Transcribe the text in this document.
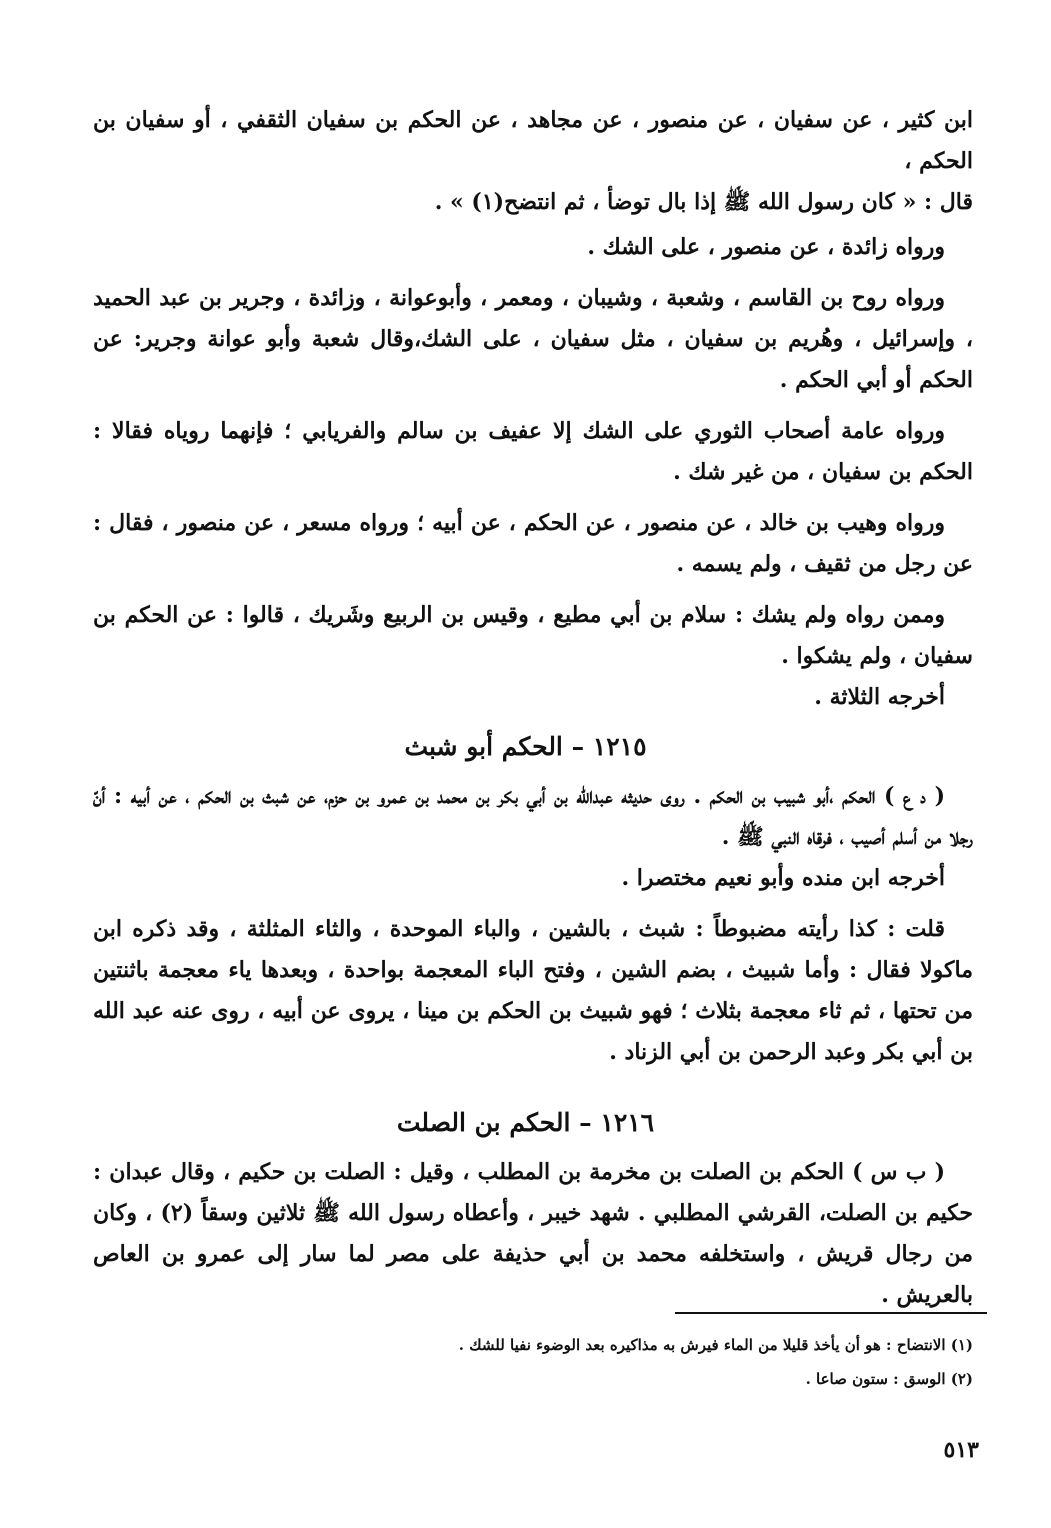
ابن كثير ، عن سفيان ، عن منصور ، عن مجاهد ، عن الحكم بن سفيان الثقفي ، أو سفيان بن الحكم ،

قال : « كان رسول الله ﷺ إذا بال توضأ ، ثم انتضح(١) » .

ورواه زائدة ، عن منصور ، على الشك .

ورواه روح بن القاسم ، وشعبة ، وشيبان ، ومعمر ، وأبوعوانة ، وزائدة ، وجرير بن عبد الحميد ، وإسرائيل ، وهُريم بن سفيان ، مثل سفيان ، على الشك،وقال شعبة وأبو عوانة وجرير: عن الحكم أو أبي الحكم .

ورواه عامة أصحاب الثوري على الشك إلا عفيف بن سالم والفريابي ؛ فإنهما روياه فقالا : الحكم بن سفيان ، من غير شك .

ورواه وهيب بن خالد ، عن منصور ، عن الحكم ، عن أبيه ؛ ورواه مسعر ، عن منصور ، فقال : عن رجل من ثقيف ، ولم يسمه .

وممن رواه ولم يشك : سلام بن أبي مطيع ، وقيس بن الربيع وشَريك ، قالوا : عن الحكم بن سفيان ، ولم يشكوا .

أخرجه الثلاثة .

١٢١٥ – الحكم أبو شبث

( د ع ) الحكم ،أبو شبيب بن الحكم . روى حديثه عبدالله بن أبي بكر بن محمد بن عمرو بن حزم، عن شبث بن الحكم ، عن أبيه : أنّ رجلا من أسلم أصيب ، فرقاه النبي ﷺ .

أخرجه ابن منده وأبو نعيم مختصرا .

قلت : كذا رأيته مضبوطاً : شبث ، بالشين ، والباء الموحدة ، والثاء المثلثة ، وقد ذكره ابن ماكولا فقال : وأما شبيث ، بضم الشين ، وفتح الباء المعجمة بواحدة ، وبعدها ياء معجمة باثنتين من تحتها ، ثم ثاء معجمة بثلاث ؛ فهو شبيث بن الحكم بن مينا ، يروى عن أبيه ، روى عنه عبد الله بن أبي بكر وعبد الرحمن بن أبي الزناد .

١٢١٦ – الحكم بن الصلت

( ب س ) الحكم بن الصلت بن مخرمة بن المطلب ، وقيل : الصلت بن حكيم ، وقال عبدان : حكيم بن الصلت، القرشي المطلبي . شهد خيبر ، وأعطاه رسول الله ﷺ ثلاثين وسقاً (٢) ، وكان من رجال قريش ، واستخلفه محمد بن أبي حذيفة على مصر لما سار إلى عمرو بن العاص بالعريش .

(١) الانتضاح : هو أن يأخذ قليلا من الماء فيرش به مذاكيره بعد الوضوء نفيا للشك .

(٢) الوسق : ستون صاعا .

٥١٣
